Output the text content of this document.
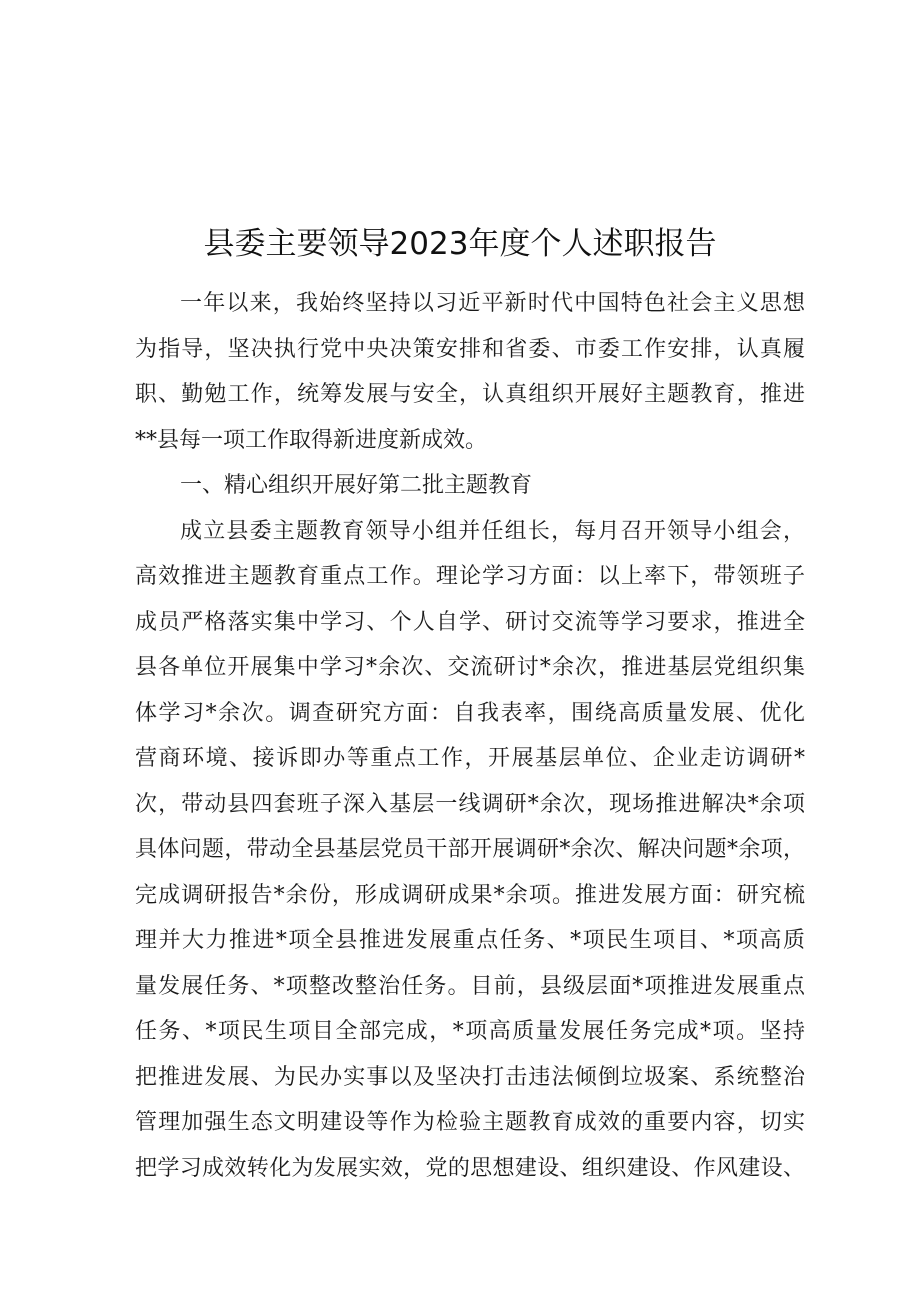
县委主要领导2023年度个人述职报告
一年以来，我始终坚持以习近平新时代中国特色社会主义思想
为指导，坚决执行党中央决策安排和省委、市委工作安排，认真履
职、勤勉工作，统筹发展与安全，认真组织开展好主题教育，推进
**县每一项工作取得新进度新成效。
一、精心组织开展好第二批主题教育
成立县委主题教育领导小组并任组长，每月召开领导小组会，
高效推进主题教育重点工作。理论学习方面：以上率下，带领班子
成员严格落实集中学习、个人自学、研讨交流等学习要求，推进全
县各单位开展集中学习*余次、交流研讨*余次，推进基层党组织集
体学习*余次。调查研究方面：自我表率，围绕高质量发展、优化
营商环境、接诉即办等重点工作，开展基层单位、企业走访调研*
次，带动县四套班子深入基层一线调研*余次，现场推进解决*余项
具体问题，带动全县基层党员干部开展调研*余次、解决问题*余项，
完成调研报告*余份，形成调研成果*余项。推进发展方面：研究梳
理并大力推进*项全县推进发展重点任务、*项民生项目、*项高质
量发展任务、*项整改整治任务。目前，县级层面*项推进发展重点
任务、*项民生项目全部完成，*项高质量发展任务完成*项。坚持
把推进发展、为民办实事以及坚决打击违法倾倒垃圾案、系统整治
管理加强生态文明建设等作为检验主题教育成效的重要内容，切实
把学习成效转化为发展实效，党的思想建设、组织建设、作风建设、
